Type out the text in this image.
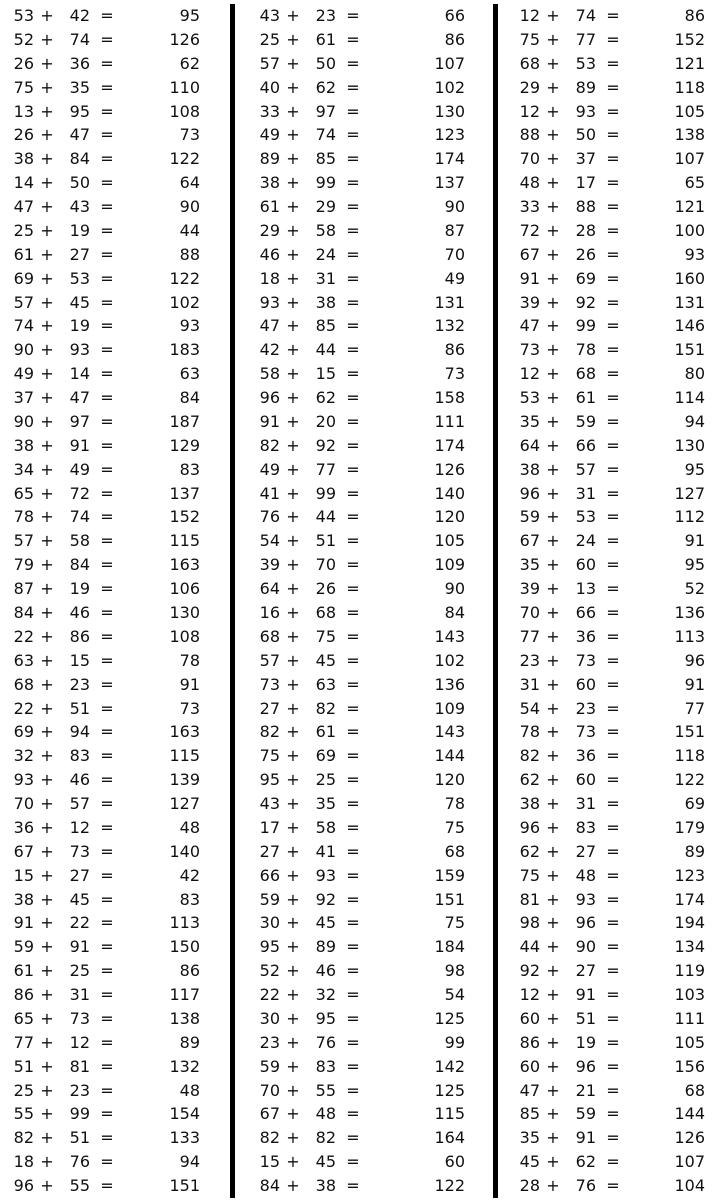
53 + 42 =	95
52 + 74 =	126
26 + 36 =	62
75 + 35 =	110
13 + 95 =	108
26 + 47 =	73
38 + 84 =	122
14 + 50 =	64
47 + 43 =	90
25 + 19 =	44
61 + 27 =	88
69 + 53 =	122
57 + 45 =	102
74 + 19 =	93
90 + 93 =	183
49 + 14 =	63
37 + 47 =	84
90 + 97 =	187
38 + 91 =	129
34 + 49 =	83
65 + 72 =	137
78 + 74 =	152
57 + 58 =	115
79 + 84 =	163
87 + 19 =	106
84 + 46 =	130
22 + 86 =	108
63 + 15 =	78
68 + 23 =	91
22 + 51 =	73
69 + 94 =	163
32 + 83 =	115
93 + 46 =	139
70 + 57 =	127
36 + 12 =	48
67 + 73 =	140
15 + 27 =	42
38 + 45 =	83
91 + 22 =	113
59 + 91 =	150
61 + 25 =	86
86 + 31 =	117
65 + 73 =	138
77 + 12 =	89
51 + 81 =	132
25 + 23 =	48
55 + 99 =	154
82 + 51 =	133
18 + 76 =	94
96 + 55 =	151
43 + 23 =	66
25 + 61 =	86
57 + 50 =	107
40 + 62 =	102
33 + 97 =	130
49 + 74 =	123
89 + 85 =	174
38 + 99 =	137
61 + 29 =	90
29 + 58 =	87
46 + 24 =	70
18 + 31 =	49
93 + 38 =	131
47 + 85 =	132
42 + 44 =	86
58 + 15 =	73
96 + 62 =	158
91 + 20 =	111
82 + 92 =	174
49 + 77 =	126
41 + 99 =	140
76 + 44 =	120
54 + 51 =	105
39 + 70 =	109
64 + 26 =	90
16 + 68 =	84
68 + 75 =	143
57 + 45 =	102
73 + 63 =	136
27 + 82 =	109
82 + 61 =	143
75 + 69 =	144
95 + 25 =	120
43 + 35 =	78
17 + 58 =	75
27 + 41 =	68
66 + 93 =	159
59 + 92 =	151
30 + 45 =	75
95 + 89 =	184
52 + 46 =	98
22 + 32 =	54
30 + 95 =	125
23 + 76 =	99
59 + 83 =	142
70 + 55 =	125
67 + 48 =	115
82 + 82 =	164
15 + 45 =	60
84 + 38 =	122
12 + 74 =	86
75 + 77 =	152
68 + 53 =	121
29 + 89 =	118
12 + 93 =	105
88 + 50 =	138
70 + 37 =	107
48 + 17 =	65
33 + 88 =	121
72 + 28 =	100
67 + 26 =	93
91 + 69 =	160
39 + 92 =	131
47 + 99 =	146
73 + 78 =	151
12 + 68 =	80
53 + 61 =	114
35 + 59 =	94
64 + 66 =	130
38 + 57 =	95
96 + 31 =	127
59 + 53 =	112
67 + 24 =	91
35 + 60 =	95
39 + 13 =	52
70 + 66 =	136
77 + 36 =	113
23 + 73 =	96
31 + 60 =	91
54 + 23 =	77
78 + 73 =	151
82 + 36 =	118
62 + 60 =	122
38 + 31 =	69
96 + 83 =	179
62 + 27 =	89
75 + 48 =	123
81 + 93 =	174
98 + 96 =	194
44 + 90 =	134
92 + 27 =	119
12 + 91 =	103
60 + 51 =	111
86 + 19 =	105
60 + 96 =	156
47 + 21 =	68
85 + 59 =	144
35 + 91 =	126
45 + 62 =	107
28 + 76 =	104
